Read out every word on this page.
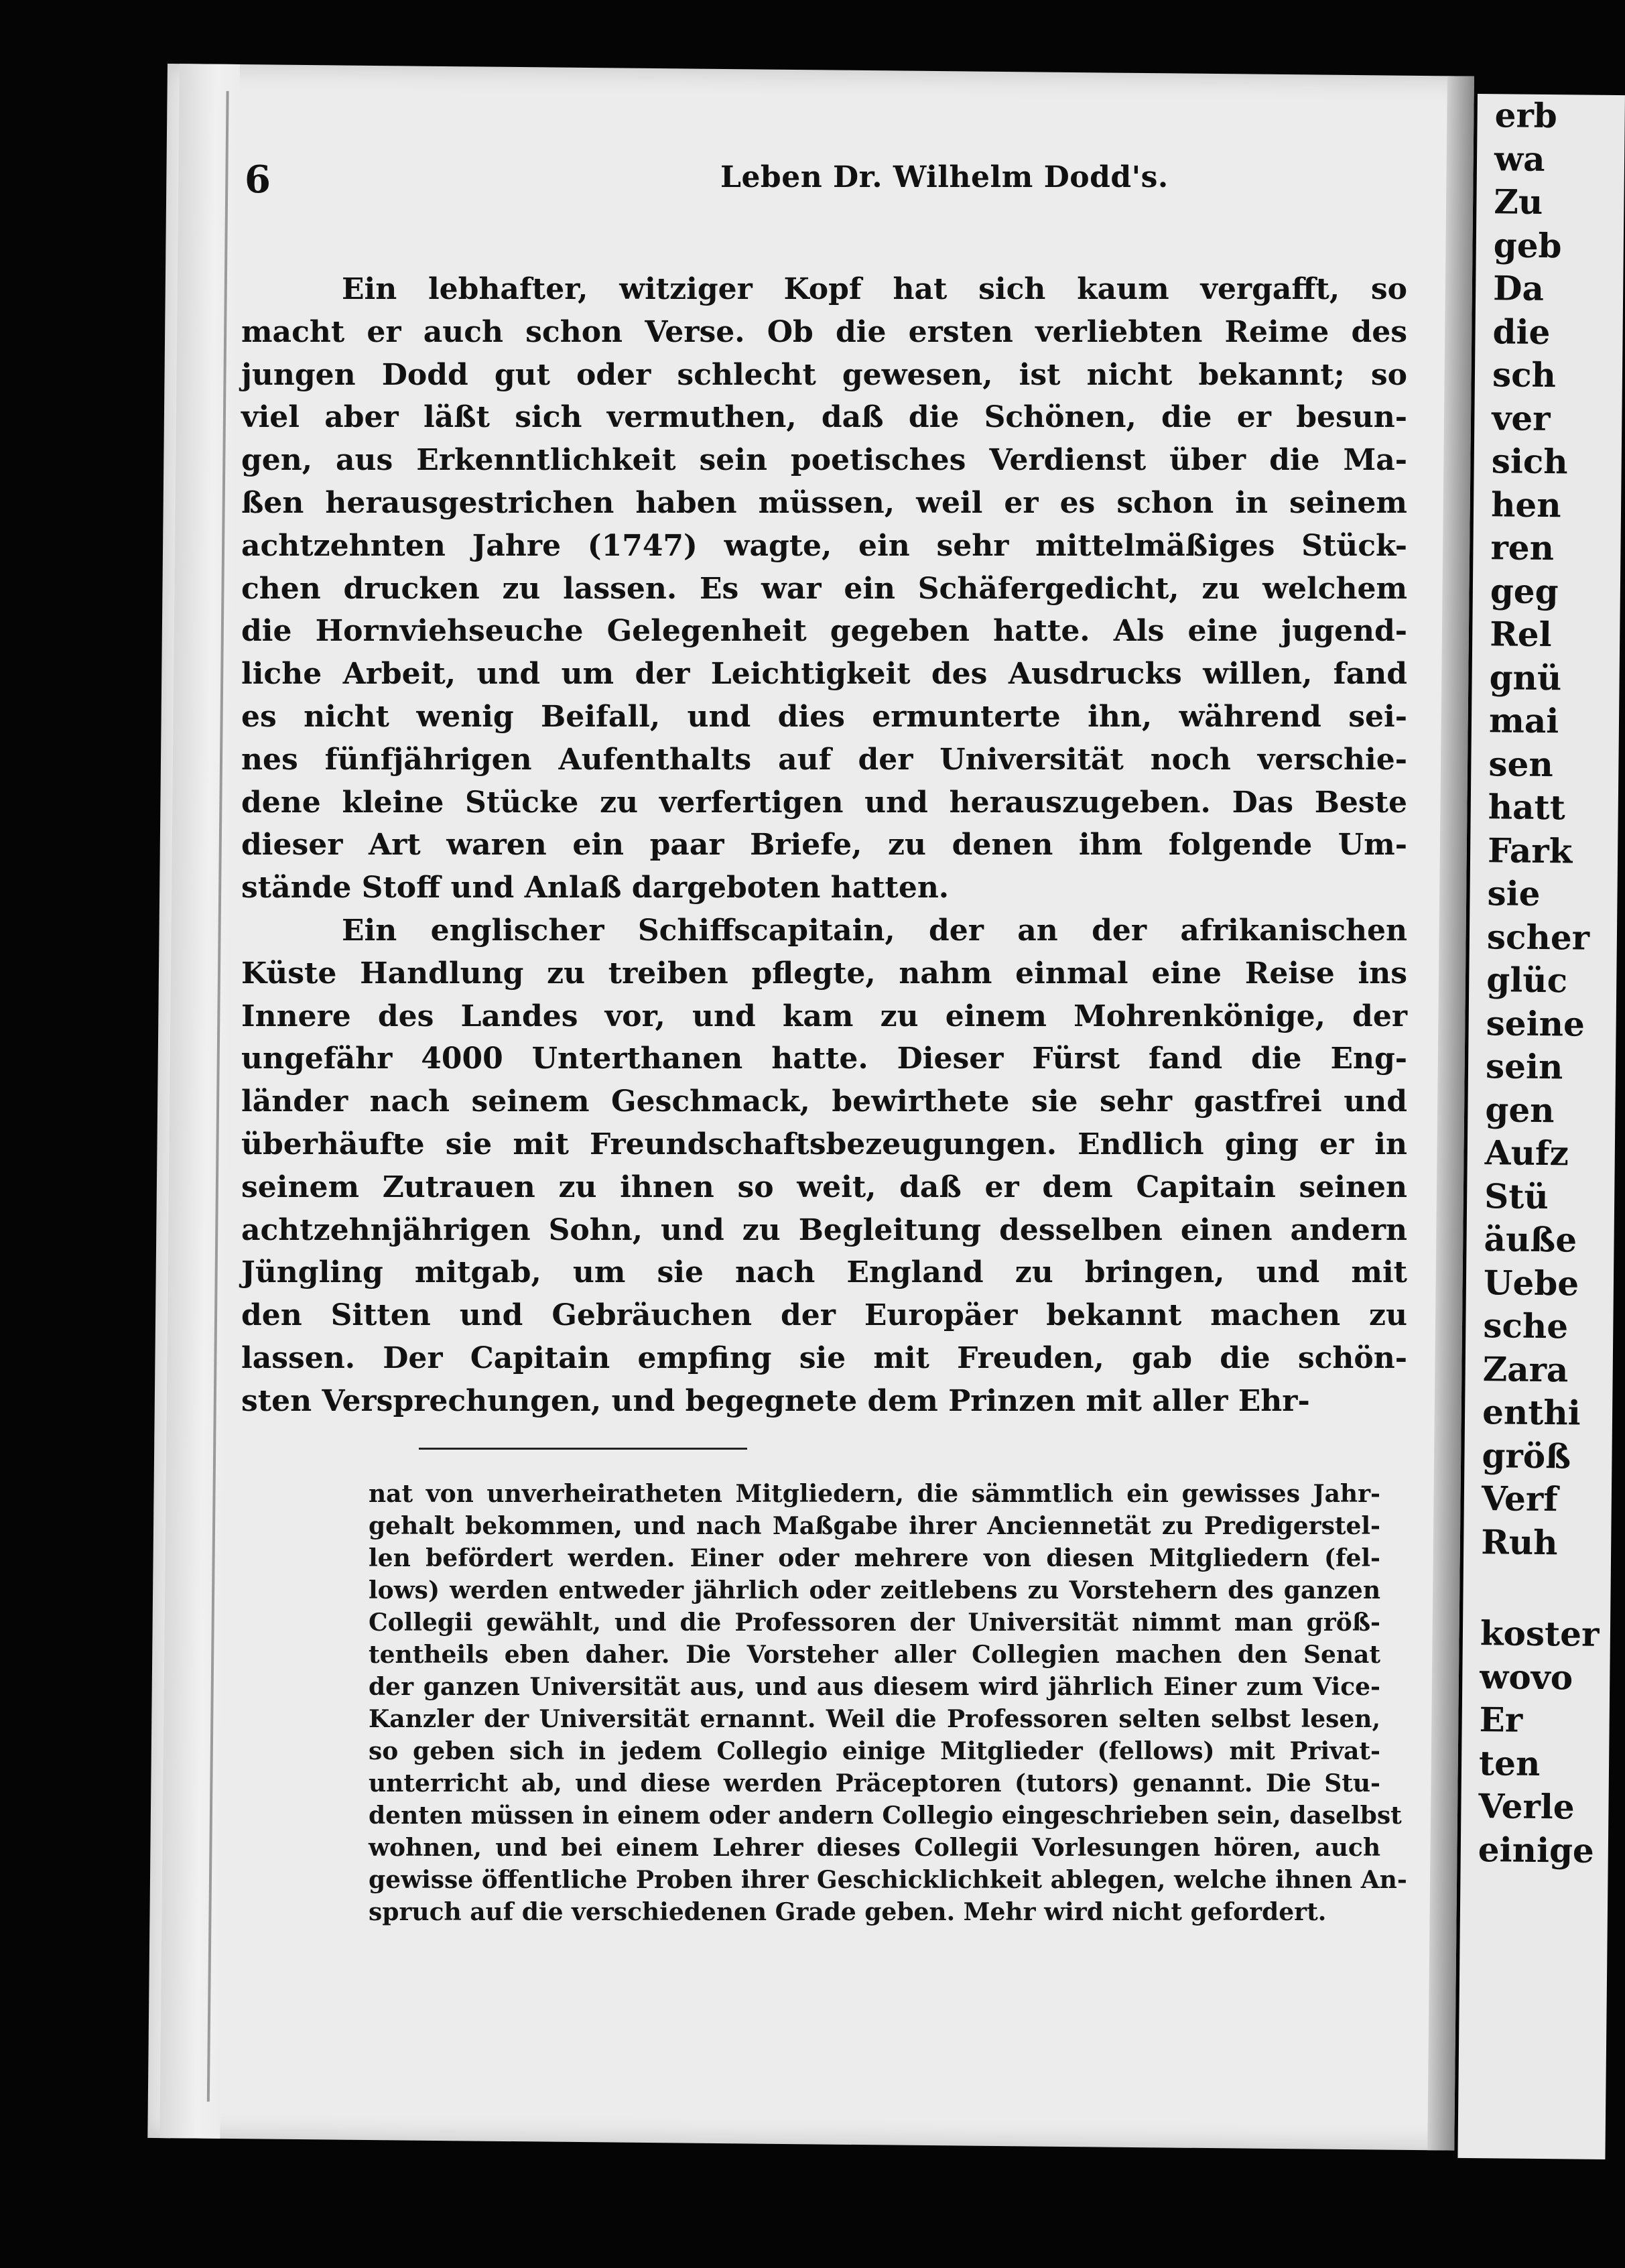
erb
wa
Zu
geb
Da
die
sch
ver
sich
hen
ren
geg
Rel
gnü
mai
sen
hatt
Fark
sie
scher
glüc
seine
sein
gen
Aufz
Stü
äuße
Uebe
sche
Zara
enthi
größ
Verf
Ruh
koster
wovo
Er
ten
Verle
einige
6	Leben Dr. Wilhelm Dodd's.
Ein lebhafter, witziger Kopf hat sich kaum vergafft, so
macht er auch schon Verse. Ob die ersten verliebten Reime des
jungen Dodd gut oder schlecht gewesen, ist nicht bekannt; so
viel aber läßt sich vermuthen, daß die Schönen, die er besun-
gen, aus Erkenntlichkeit sein poetisches Verdienst über die Ma-
ßen herausgestrichen haben müssen, weil er es schon in seinem
achtzehnten Jahre (1747) wagte, ein sehr mittelmäßiges Stück-
chen drucken zu lassen. Es war ein Schäfergedicht, zu welchem
die Hornviehseuche Gelegenheit gegeben hatte. Als eine jugend-
liche Arbeit, und um der Leichtigkeit des Ausdrucks willen, fand
es nicht wenig Beifall, und dies ermunterte ihn, während sei-
nes fünfjährigen Aufenthalts auf der Universität noch verschie-
dene kleine Stücke zu verfertigen und herauszugeben. Das Beste
dieser Art waren ein paar Briefe, zu denen ihm folgende Um-
stände Stoff und Anlaß dargeboten hatten.
Ein englischer Schiffscapitain, der an der afrikanischen
Küste Handlung zu treiben pflegte, nahm einmal eine Reise ins
Innere des Landes vor, und kam zu einem Mohrenkönige, der
ungefähr 4000 Unterthanen hatte. Dieser Fürst fand die Eng-
länder nach seinem Geschmack, bewirthete sie sehr gastfrei und
überhäufte sie mit Freundschaftsbezeugungen. Endlich ging er in
seinem Zutrauen zu ihnen so weit, daß er dem Capitain seinen
achtzehnjährigen Sohn, und zu Begleitung desselben einen andern
Jüngling mitgab, um sie nach England zu bringen, und mit
den Sitten und Gebräuchen der Europäer bekannt machen zu
lassen. Der Capitain empfing sie mit Freuden, gab die schön-
sten Versprechungen, und begegnete dem Prinzen mit aller Ehr-
nat von unverheiratheten Mitgliedern, die sämmtlich ein gewisses Jahr-
gehalt bekommen, und nach Maßgabe ihrer Anciennetät zu Predigerstel-
len befördert werden. Einer oder mehrere von diesen Mitgliedern (fel-
lows) werden entweder jährlich oder zeitlebens zu Vorstehern des ganzen
Collegii gewählt, und die Professoren der Universität nimmt man größ-
tentheils eben daher. Die Vorsteher aller Collegien machen den Senat
der ganzen Universität aus, und aus diesem wird jährlich Einer zum Vice-
Kanzler der Universität ernannt. Weil die Professoren selten selbst lesen,
so geben sich in jedem Collegio einige Mitglieder (fellows) mit Privat-
unterricht ab, und diese werden Präceptoren (tutors) genannt. Die Stu-
denten müssen in einem oder andern Collegio eingeschrieben sein, daselbst
wohnen, und bei einem Lehrer dieses Collegii Vorlesungen hören, auch
gewisse öffentliche Proben ihrer Geschicklichkeit ablegen, welche ihnen An-
spruch auf die verschiedenen Grade geben. Mehr wird nicht gefordert.
